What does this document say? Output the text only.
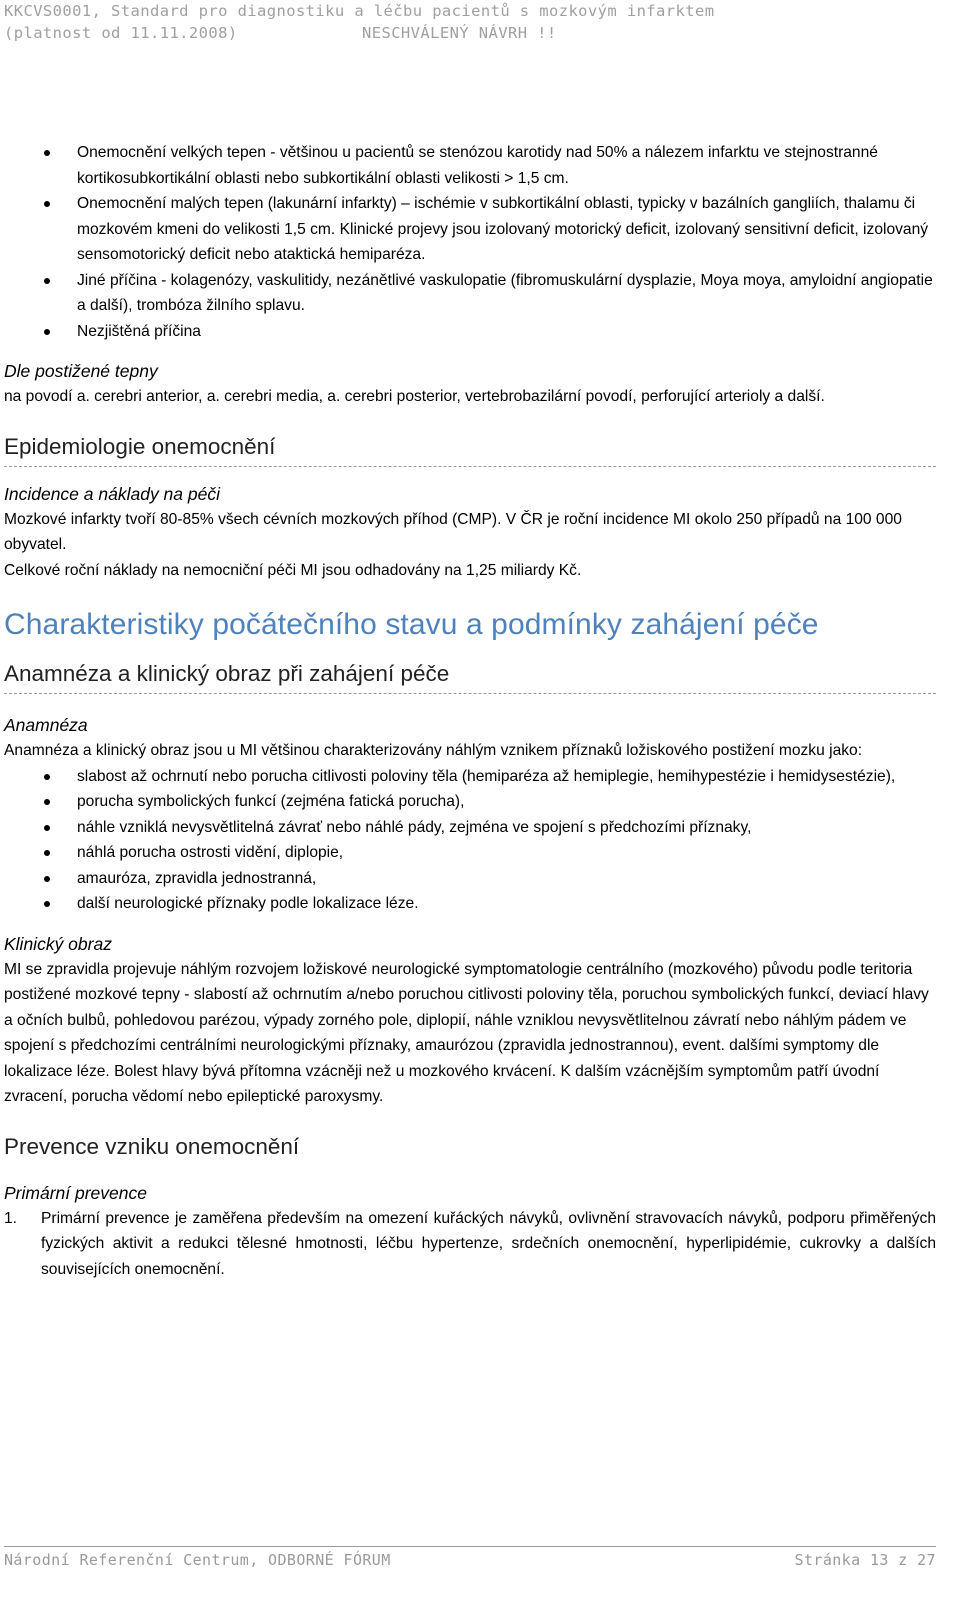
KKCVS0001, Standard pro diagnostiku a léčbu pacientů s mozkovým infarktem
(platnost od 11.11.2008)	NESCHVÁLENÝ NÁVRH !!
Onemocnění velkých tepen - většinou u pacientů se stenózou karotidy nad 50% a nálezem infarktu ve stejnostranné kortikosubkortikální oblasti nebo subkortikální oblasti velikosti > 1,5 cm.
Onemocnění malých tepen (lakunární infarkty) – ischémie v subkortikální oblasti, typicky v bazálních gangliích, thalamu či mozkovém kmeni do velikosti 1,5 cm. Klinické projevy jsou izolovaný motorický deficit, izolovaný sensitivní deficit, izolovaný sensomotorický deficit nebo ataktická hemiparéza.
Jiné příčina - kolagenózy, vaskulitidy, nezánětlivé vaskulopatie (fibromuskulární dysplazie, Moya moya, amyloidní angiopatie a další), trombóza žilního splavu.
Nezjištěná příčina
Dle postižené tepny

na povodí a. cerebri anterior, a. cerebri media, a. cerebri posterior, vertebrobazilární povodí, perforující arterioly a další.

Epidemiologie onemocnění
Incidence a náklady na péči

Mozkové infarkty tvoří 80-85% všech cévních mozkových příhod (CMP). V ČR je roční incidence MI okolo 250 případů na 100 000 obyvatel.

Celkové roční náklady na nemocniční péči MI jsou odhadovány na 1,25 miliardy Kč.

Charakteristiky počátečního stavu a podmínky zahájení péče
Anamnéza a klinický obraz při zahájení péče
Anamnéza

Anamnéza a klinický obraz jsou u MI většinou charakterizovány náhlým vznikem příznaků ložiskového postižení mozku jako:

slabost až ochrnutí nebo porucha citlivosti poloviny těla (hemiparéza až hemiplegie, hemihypestézie i hemidysestézie),
porucha symbolických funkcí (zejména fatická porucha),
náhle vzniklá nevysvětlitelná závrať nebo náhlé pády, zejména ve spojení s předchozími příznaky,
náhlá porucha ostrosti vidění, diplopie,
amauróza, zpravidla jednostranná,
další neurologické příznaky podle lokalizace léze.
Klinický obraz

MI se zpravidla projevuje náhlým rozvojem ložiskové neurologické symptomatologie centrálního (mozkového) původu podle teritoria postižené mozkové tepny - slabostí až ochrnutím a/nebo poruchou citlivosti poloviny těla, poruchou symbolických funkcí, deviací hlavy a očních bulbů, pohledovou parézou, výpady zorného pole, diplopií, náhle vzniklou nevysvětlitelnou závratí nebo náhlým pádem ve spojení s předchozími centrálními neurologickými příznaky, amaurózou (zpravidla jednostrannou), event. dalšími symptomy dle lokalizace léze. Bolest hlavy bývá přítomna vzácněji než u mozkového krvácení. K dalším vzácnějším symptomům patří úvodní zvracení, porucha vědomí nebo epileptické paroxysmy.

Prevence vzniku onemocnění
Primární prevence
1. Primární prevence je zaměřena především na omezení kuřáckých návyků, ovlivnění stravovacích návyků, podporu přiměřených fyzických aktivit a redukci tělesné hmotnosti, léčbu hypertenze, srdečních onemocnění, hyperlipidémie, cukrovky a dalších souvisejících onemocnění.
Národní Referenční Centrum, ODBORNÉ FÓRUM	Stránka 13 z 27
